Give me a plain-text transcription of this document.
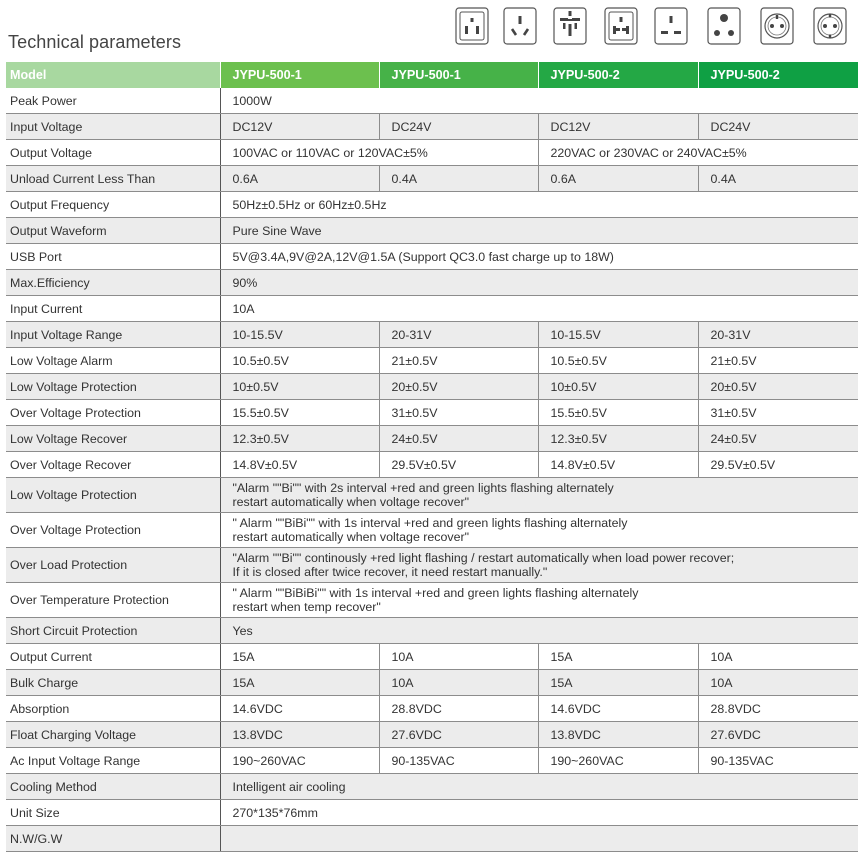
Technical parameters
Model	JYPU-500-1	JYPU-500-1	JYPU-500-2	JYPU-500-2
Peak Power	1000W			
Input Voltage	DC12V	DC24V	DC12V	DC24V
Output Voltage	100VAC or 110VAC or 120VAC±5%		220VAC or 230VAC or 240VAC±5%	
Unload Current Less Than	0.6A	0.4A	0.6A	0.4A
Output Frequency	50Hz±0.5Hz or 60Hz±0.5Hz			
Output Waveform	Pure Sine Wave			
USB Port	5V@3.4A,9V@2A,12V@1.5A (Support QC3.0 fast charge up to 18W)			
Max.Efficiency	90%			
Input Current	10A			
Input Voltage Range	10-15.5V	20-31V	10-15.5V	20-31V
Low Voltage Alarm	10.5±0.5V	21±0.5V	10.5±0.5V	21±0.5V
Low Voltage Protection	10±0.5V	20±0.5V	10±0.5V	20±0.5V
Over Voltage Protection	15.5±0.5V	31±0.5V	15.5±0.5V	31±0.5V
Low Voltage Recover	12.3±0.5V	24±0.5V	12.3±0.5V	24±0.5V
Over Voltage Recover	14.8V±0.5V	29.5V±0.5V	14.8V±0.5V	29.5V±0.5V
Low Voltage Protection	"Alarm ""Bi"" with 2s interval +red and green lights flashing alternately
restart automatically when voltage recover"			
Over Voltage Protection	" Alarm ""BiBi"" with 1s interval +red and green lights flashing alternately
restart automatically when voltage recover"			
Over Load Protection	"Alarm ""Bi"" continously +red light flashing / restart automatically when load power recover;
If it is closed after twice recover, it need restart manually."			
Over Temperature Protection	" Alarm ""BiBiBi"" with 1s interval +red and green lights flashing alternately
restart when temp recover"			
Short Circuit Protection	Yes			
Output Current	15A	10A	15A	10A
Bulk Charge	15A	10A	15A	10A
Absorption	14.6VDC	28.8VDC	14.6VDC	28.8VDC
Float Charging Voltage	13.8VDC	27.6VDC	13.8VDC	27.6VDC
Ac Input Voltage Range	190~260VAC	90-135VAC	190~260VAC	90-135VAC
Cooling Method	Intelligent air cooling			
Unit Size	270*135*76mm			
N.W/G.W				
